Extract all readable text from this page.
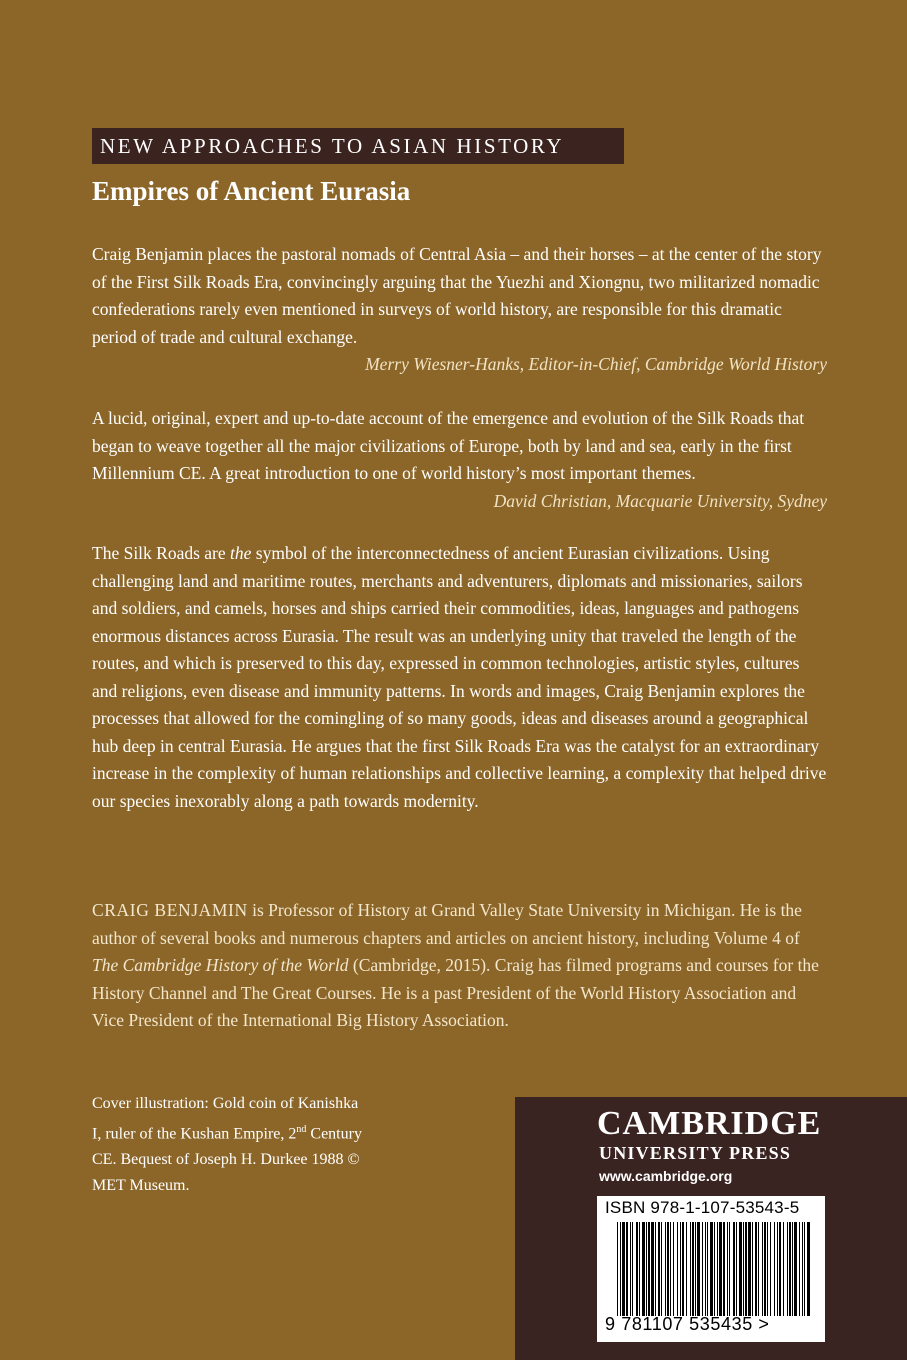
NEW APPROACHES TO ASIAN HISTORY
Empires of Ancient Eurasia

Craig Benjamin places the pastoral nomads of Central Asia – and their horses – at the center of the story of the First Silk Roads Era, convincingly arguing that the Yuezhi and Xiongnu, two militarized nomadic confederations rarely even mentioned in surveys of world history, are responsible for this dramatic period of trade and cultural exchange.

Merry Wiesner-Hanks, Editor-in-Chief, Cambridge World History

A lucid, original, expert and up-to-date account of the emergence and evolution of the Silk Roads that began to weave together all the major civilizations of Europe, both by land and sea, early in the first Millennium CE. A great introduction to one of world history’s most important themes.
David Christian, Macquarie University, Sydney

The Silk Roads are the symbol of the interconnectedness of ancient Eurasian civilizations. Using challenging land and maritime routes, merchants and adventurers, diplomats and missionaries, sailors and soldiers, and camels, horses and ships carried their commodities, ideas, languages and pathogens enormous distances across Eurasia. The result was an underlying unity that traveled the length of the routes, and which is preserved to this day, expressed in common technologies, artistic styles, cultures and religions, even disease and immunity patterns. In words and images, Craig Benjamin explores the processes that allowed for the comingling of so many goods, ideas and diseases around a geographical hub deep in central Eurasia. He argues that the first Silk Roads Era was the catalyst for an extraordinary increase in the complexity of human relationships and collective learning, a complexity that helped drive our species inexorably along a path towards modernity.

CRAIG BENJAMIN is Professor of History at Grand Valley State University in Michigan. He is the author of several books and numerous chapters and articles on ancient history, including Volume 4 of The Cambridge History of the World (Cambridge, 2015). Craig has filmed programs and courses for the History Channel and The Great Courses. He is a past President of the World History Association and Vice President of the International Big History Association.
Cover illustration: Gold coin of Kanishka I, ruler of the Kushan Empire, 2nd Century CE. Bequest of Joseph H. Durkee 1988 © MET Museum.
CAMBRIDGE
UNIVERSITY PRESS
www.cambridge.org
ISBN 978-1-107-53543-5
9 781107 535435 >
